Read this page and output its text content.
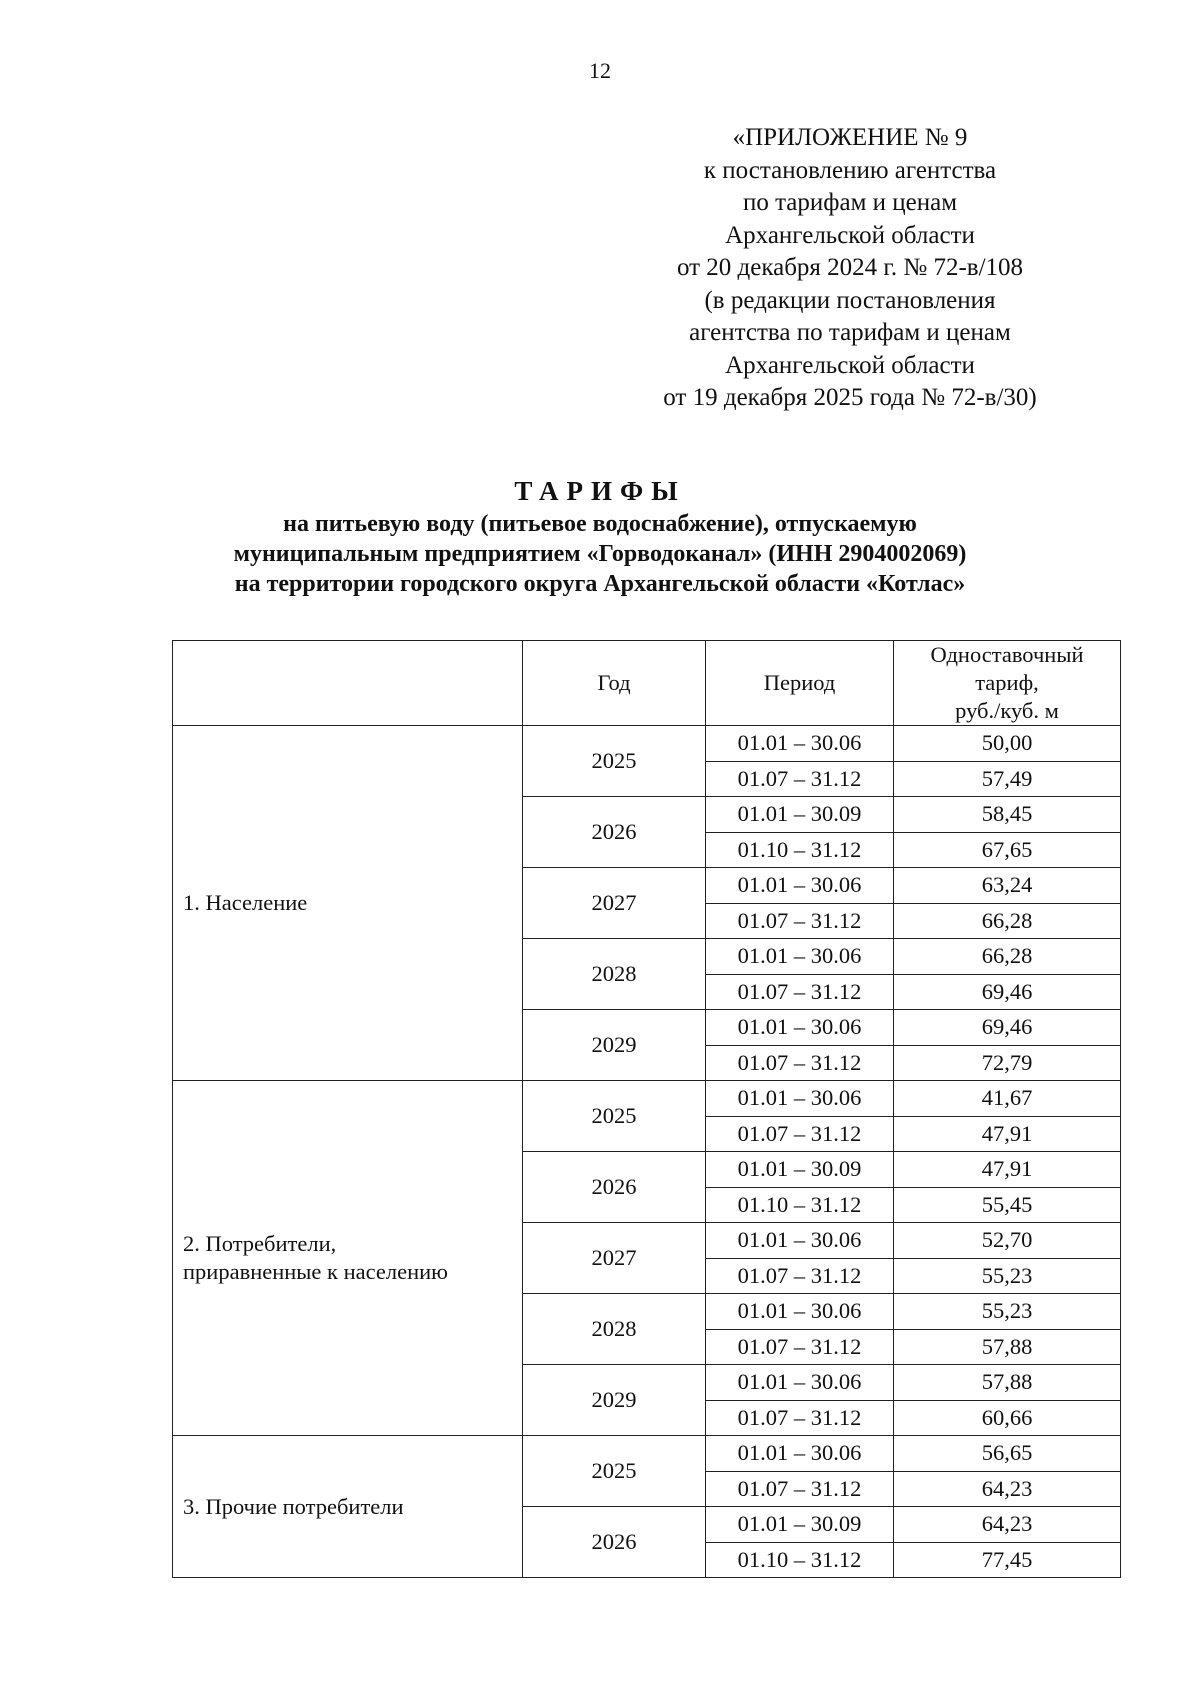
12
«ПРИЛОЖЕНИЕ № 9
к постановлению агентства
по тарифам и ценам
Архангельской области
от 20 декабря 2024 г. № 72-в/108
(в редакции постановления
агентства по тарифам и ценам
Архангельской области
от 19 декабря 2025 года № 72-в/30)
ТАРИФЫ
на питьевую воду (питьевое водоснабжение), отпускаемую
муниципальным предприятием «Горводоканал» (ИНН 2904002069)
на территории городского округа Архангельской области «Котлас»
	Год	Период	Одноставочный
тариф,
руб./куб. м
1. Население	2025	01.01 – 30.06	50,00
		01.07 – 31.12	57,49
	2026	01.01 – 30.09	58,45
		01.10 – 31.12	67,65
	2027	01.01 – 30.06	63,24
		01.07 – 31.12	66,28
	2028	01.01 – 30.06	66,28
		01.07 – 31.12	69,46
	2029	01.01 – 30.06	69,46
		01.07 – 31.12	72,79
2. Потребители,
приравненные к населению	2025	01.01 – 30.06	41,67
		01.07 – 31.12	47,91
	2026	01.01 – 30.09	47,91
		01.10 – 31.12	55,45
	2027	01.01 – 30.06	52,70
		01.07 – 31.12	55,23
	2028	01.01 – 30.06	55,23
		01.07 – 31.12	57,88
	2029	01.01 – 30.06	57,88
		01.07 – 31.12	60,66
3. Прочие потребители	2025	01.01 – 30.06	56,65
		01.07 – 31.12	64,23
	2026	01.01 – 30.09	64,23
		01.10 – 31.12	77,45
